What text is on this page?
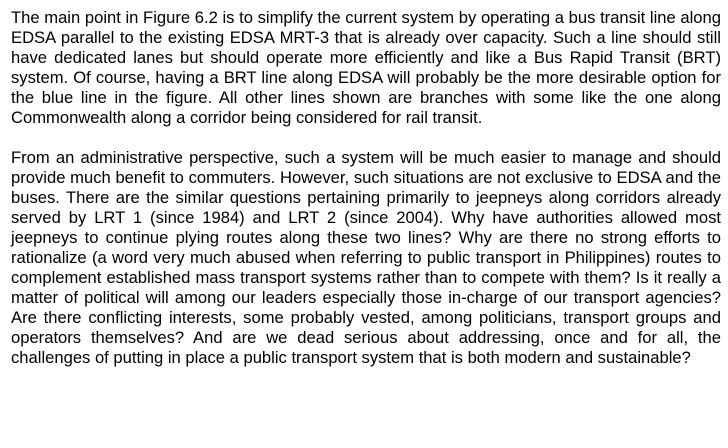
The main point in Figure 6.2 is to simplify the current system by operating a bus transit line along EDSA parallel to the existing EDSA MRT-3 that is already over capacity. Such a line should still have dedicated lanes but should operate more efficiently and like a Bus Rapid Transit (BRT) system. Of course, having a BRT line along EDSA will probably be the more desirable option for the blue line in the figure. All other lines shown are branches with some like the one along Commonwealth along a corridor being considered for rail transit.

From an administrative perspective, such a system will be much easier to manage and should provide much benefit to commuters. However, such situations are not exclusive to EDSA and the buses. There are the similar questions pertaining primarily to jeepneys along corridors already served by LRT 1 (since 1984) and LRT 2 (since 2004). Why have authorities allowed most jeepneys to continue plying routes along these two lines? Why are there no strong efforts to rationalize (a word very much abused when referring to public transport in Philippines) routes to complement established mass transport systems rather than to compete with them? Is it really a matter of political will among our leaders especially those in-charge of our transport agencies? Are there conflicting interests, some probably vested, among politicians, transport groups and operators themselves? And are we dead serious about addressing, once and for all, the challenges of putting in place a public transport system that is both modern and sustainable?
